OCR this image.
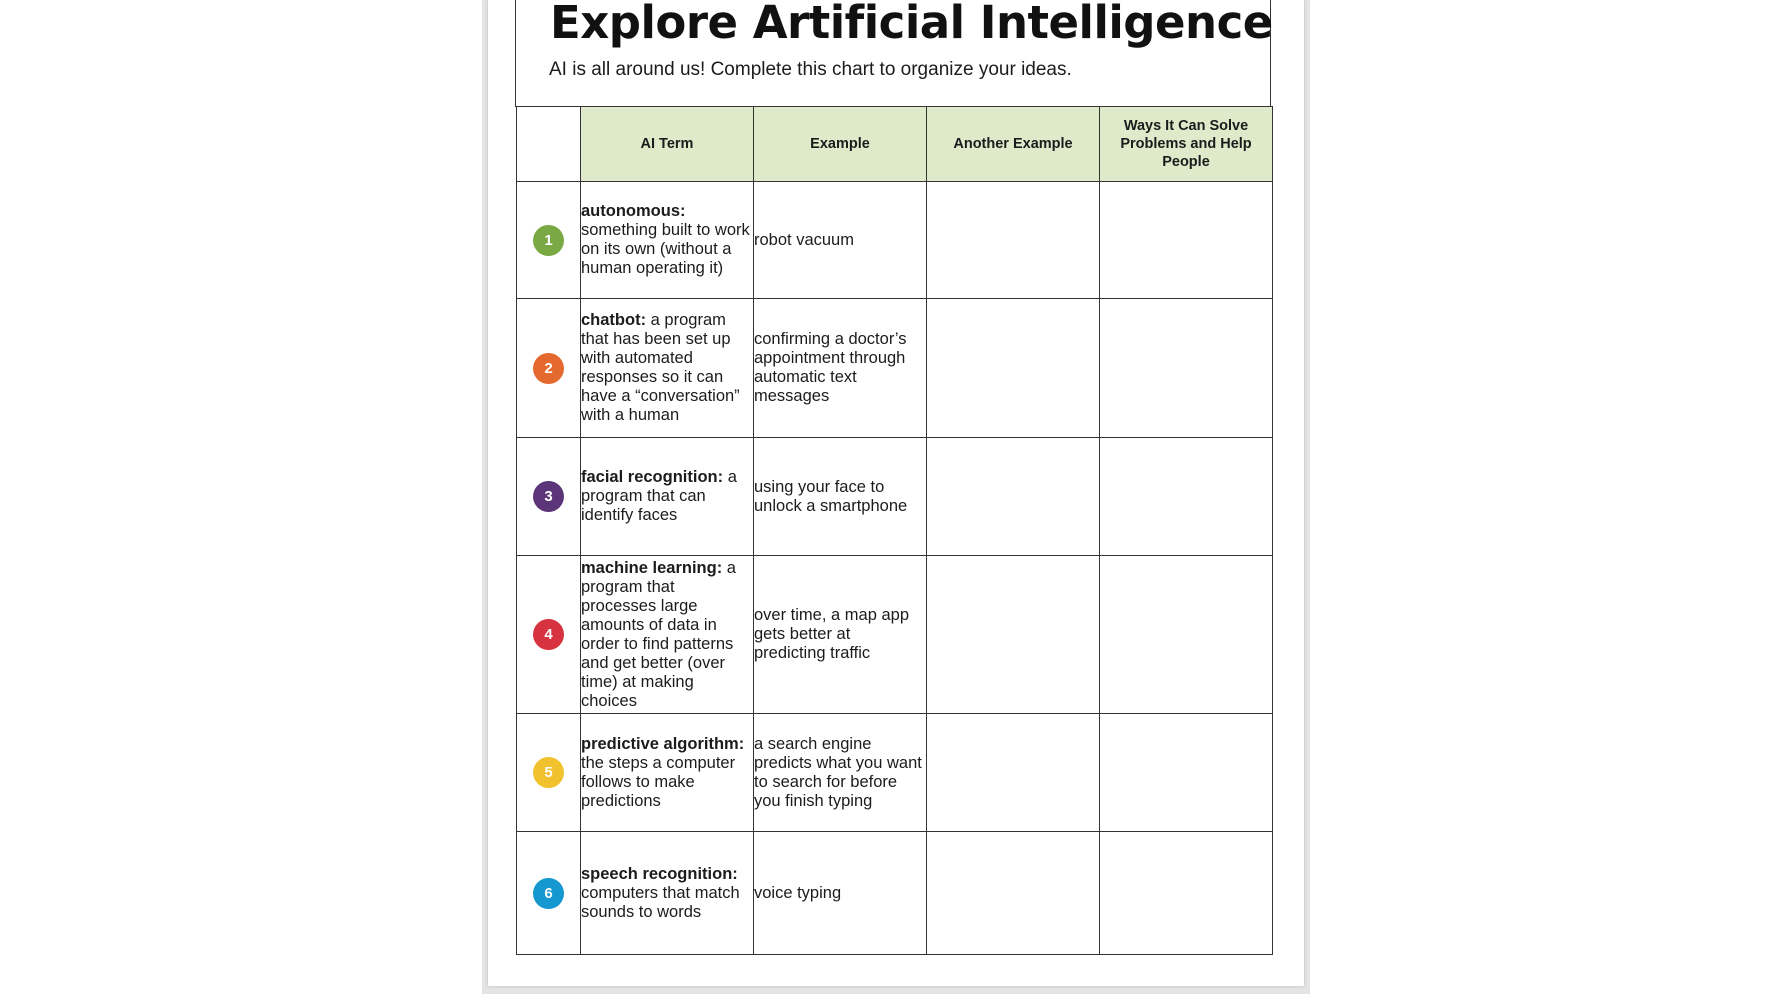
Explore Artificial Intelligence
AI is all around us! Complete this chart to organize your ideas.
	AI Term	Example	Another Example	Ways It Can Solve Problems and Help People
1	autonomous: something built to work on its own (without a human operating it)	robot vacuum		
2	chatbot: a program that has been set up with automated responses so it can have a “conversation” with a human	confirming a doctor’s appointment through automatic text messages		
3	facial recognition: a program that can identify faces	using your face to unlock a smartphone		
4	machine learning: a program that processes large amounts of data in order to find patterns and get better (over time) at making choices	over time, a map app gets better at predicting traffic		
5	predictive algorithm: the steps a computer follows to make predictions	a search engine predicts what you want to search for before you finish typing		
6	speech recognition: computers that match sounds to words	voice typing		
